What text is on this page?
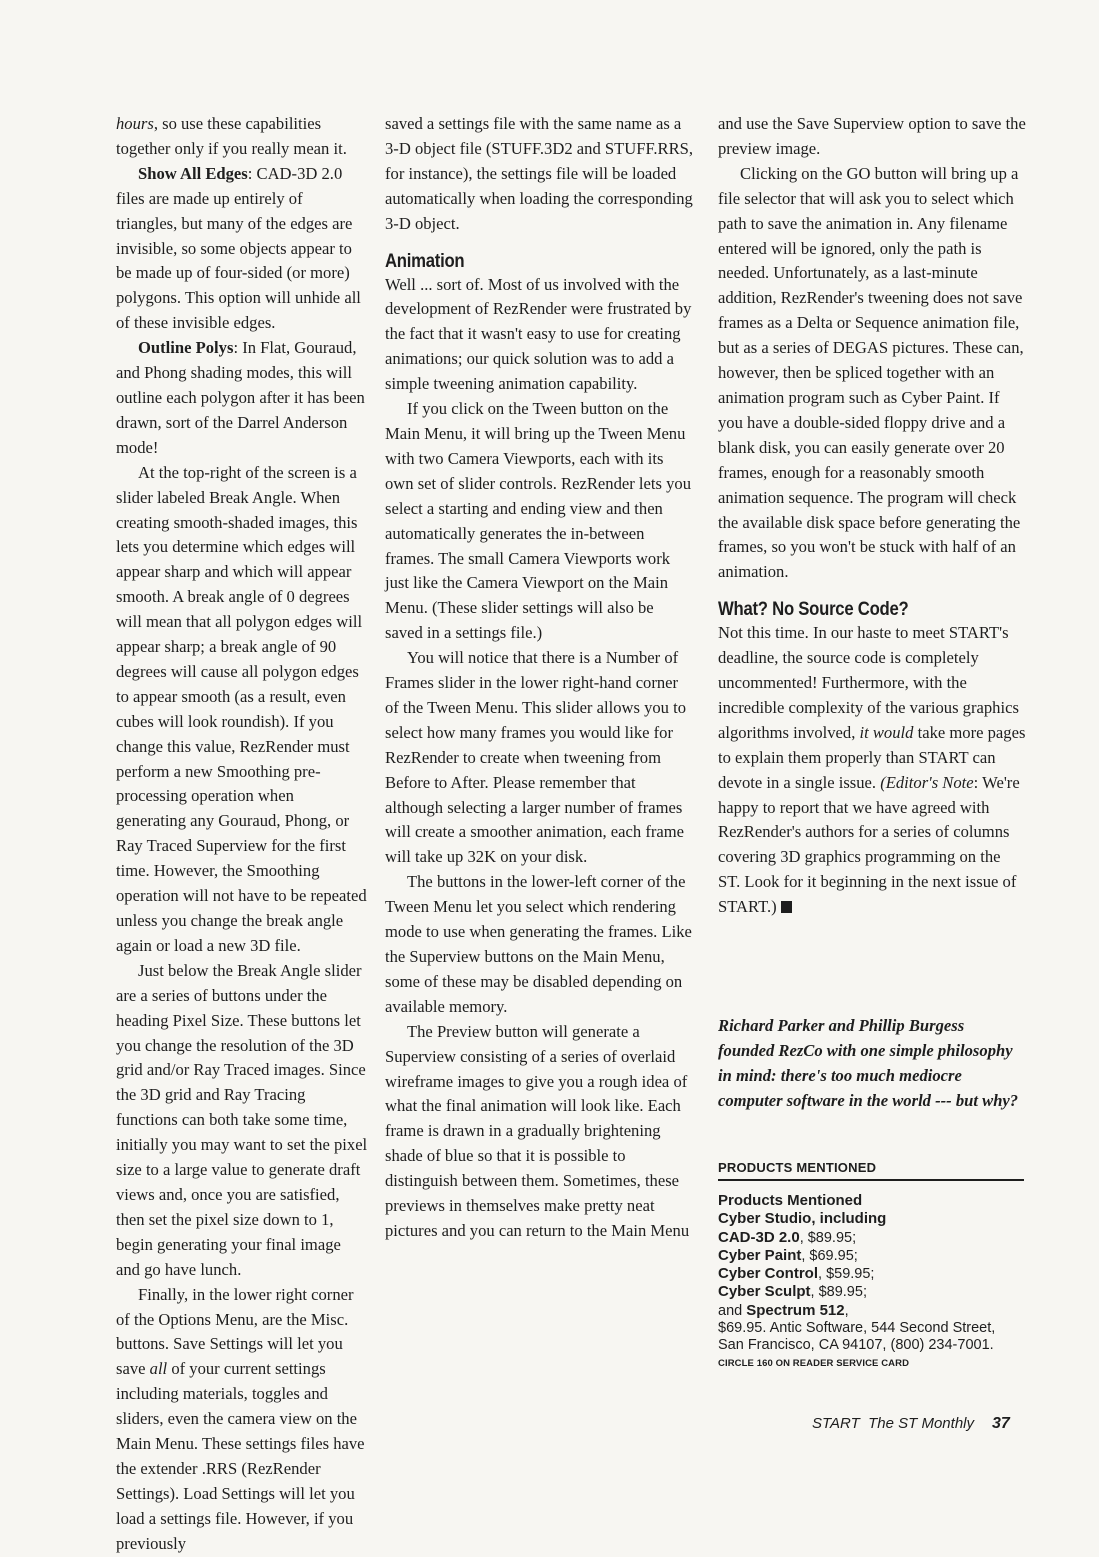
hours, so use these capabilities together only if you really mean it.

Show All Edges: CAD-3D 2.0 files are made up entirely of triangles, but many of the edges are invisible, so some objects appear to be made up of four-sided (or more) polygons. This option will unhide all of these invisible edges.

Outline Polys: In Flat, Gouraud, and Phong shading modes, this will outline each polygon after it has been drawn, sort of the Darrel Anderson mode!

At the top-right of the screen is a slider labeled Break Angle. When creating smooth-shaded images, this lets you determine which edges will appear sharp and which will appear smooth. A break angle of 0 degrees will mean that all polygon edges will appear sharp; a break angle of 90 degrees will cause all polygon edges to appear smooth (as a result, even cubes will look roundish). If you change this value, RezRender must perform a new Smoothing pre-processing operation when generating any Gouraud, Phong, or Ray Traced Superview for the first time. However, the Smoothing operation will not have to be repeated unless you change the break angle again or load a new 3D file.

Just below the Break Angle slider are a series of buttons under the heading Pixel Size. These buttons let you change the resolution of the 3D grid and/or Ray Traced images. Since the 3D grid and Ray Tracing functions can both take some time, initially you may want to set the pixel size to a large value to generate draft views and, once you are satisfied, then set the pixel size down to 1, begin generating your final image and go have lunch.

Finally, in the lower right corner of the Options Menu, are the Misc. buttons. Save Settings will let you save all of your current settings including materials, toggles and sliders, even the camera view on the Main Menu. These settings files have the extender .RRS (RezRender Settings). Load Settings will let you load a settings file. However, if you previously

saved a settings file with the same name as a 3-D object file (STUFF.3D2 and STUFF.RRS, for instance), the settings file will be loaded automatically when loading the corresponding 3-D object.

Animation

Well ... sort of. Most of us involved with the development of RezRender were frustrated by the fact that it wasn't easy to use for creating animations; our quick solution was to add a simple tweening animation capability.

If you click on the Tween button on the Main Menu, it will bring up the Tween Menu with two Camera Viewports, each with its own set of slider controls. RezRender lets you select a starting and ending view and then automatically generates the in-between frames. The small Camera Viewports work just like the Camera Viewport on the Main Menu. (These slider settings will also be saved in a settings file.)

You will notice that there is a Number of Frames slider in the lower right-hand corner of the Tween Menu. This slider allows you to select how many frames you would like for RezRender to create when tweening from Before to After. Please remember that although selecting a larger number of frames will create a smoother animation, each frame will take up 32K on your disk.

The buttons in the lower-left corner of the Tween Menu let you select which rendering mode to use when generating the frames. Like the Superview buttons on the Main Menu, some of these may be disabled depending on available memory.

The Preview button will generate a Superview consisting of a series of overlaid wireframe images to give you a rough idea of what the final animation will look like. Each frame is drawn in a gradually brightening shade of blue so that it is possible to distinguish between them. Sometimes, these previews in themselves make pretty neat pictures and you can return to the Main Menu

and use the Save Superview option to save the preview image.

Clicking on the GO button will bring up a file selector that will ask you to select which path to save the animation in. Any filename entered will be ignored, only the path is needed. Unfortunately, as a last-minute addition, RezRender's tweening does not save frames as a Delta or Sequence animation file, but as a series of DEGAS pictures. These can, however, then be spliced together with an animation program such as Cyber Paint. If you have a double-sided floppy drive and a blank disk, you can easily generate over 20 frames, enough for a reasonably smooth animation sequence. The program will check the available disk space before generating the frames, so you won't be stuck with half of an animation.

What? No Source Code?

Not this time. In our haste to meet START's deadline, the source code is completely uncommented! Furthermore, with the incredible complexity of the various graphics algorithms involved, it would take more pages to explain them properly than START can devote in a single issue. (Editor's Note: We're happy to report that we have agreed with RezRender's authors for a series of columns covering 3D graphics programming on the ST. Look for it beginning in the next issue of START.)

Richard Parker and Phillip Burgess founded RezCo with one simple philosophy in mind: there's too much mediocre computer software in the world --- but why?
PRODUCTS MENTIONED
Products Mentioned
Cyber Studio, including
CAD-3D 2.0, $89.95;
Cyber Paint, $69.95;
Cyber Control, $59.95;
Cyber Sculpt, $89.95;
and Spectrum 512,
$69.95. Antic Software, 544 Second Street, San Francisco, CA 94107, (800) 234-7001.
CIRCLE 160 ON READER SERVICE CARD
START  The ST Monthly 37
